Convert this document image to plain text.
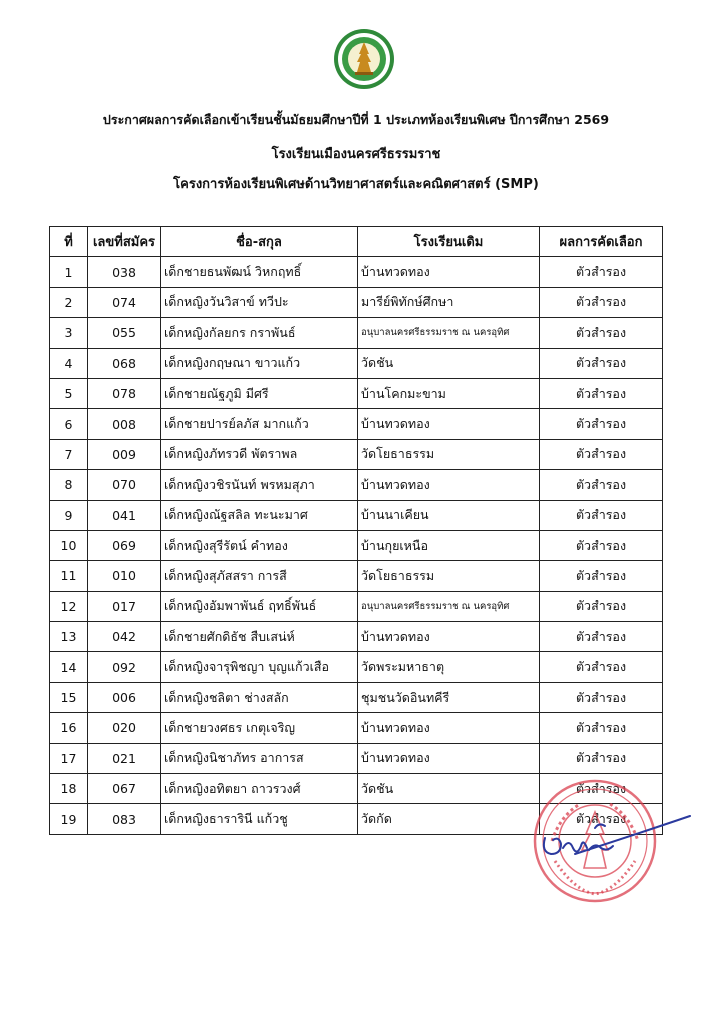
ประกาศผลการคัดเลือกเข้าเรียนชั้นมัธยมศึกษาปีที่ 1 ประเภทห้องเรียนพิเศษ ปีการศึกษา 2569
โรงเรียนเมืองนครศรีธรรมราช
โครงการห้องเรียนพิเศษด้านวิทยาศาสตร์และคณิตศาสตร์ (SMP)
ที่	เลขที่สมัคร	ชื่อ-สกุล	โรงเรียนเดิม	ผลการคัดเลือก
1	038	เด็กชายธนพัฒน์ วิหกฤทธิ์	บ้านทวดทอง	ตัวสำรอง
2	074	เด็กหญิงวันวิสาข์ ทวีปะ	มารีย์พิทักษ์ศึกษา	ตัวสำรอง
3	055	เด็กหญิงกัลยกร กราพันธ์	อนุบาลนครศรีธรรมราช ณ นครอุทิศ	ตัวสำรอง
4	068	เด็กหญิงกฤษณา ขาวแก้ว	วัดชัน	ตัวสำรอง
5	078	เด็กชายณัฐภูมิ มีศรี	บ้านโคกมะขาม	ตัวสำรอง
6	008	เด็กชายปารย์ลภัส มากแก้ว	บ้านทวดทอง	ตัวสำรอง
7	009	เด็กหญิงภัทรวดี พัตราพล	วัดโยธาธรรม	ตัวสำรอง
8	070	เด็กหญิงวชิรนันท์ พรหมสุภา	บ้านทวดทอง	ตัวสำรอง
9	041	เด็กหญิงณัฐสลิล ทะนะมาศ	บ้านนาเคียน	ตัวสำรอง
10	069	เด็กหญิงสุรีรัตน์ คำทอง	บ้านกุยเหนือ	ตัวสำรอง
11	010	เด็กหญิงสุภัสสรา การสี	วัดโยธาธรรม	ตัวสำรอง
12	017	เด็กหญิงอัมพาพันธ์ ฤทธิ์พันธ์	อนุบาลนครศรีธรรมราช ณ นครอุทิศ	ตัวสำรอง
13	042	เด็กชายศักดิธัช สืบเสน่ห์	บ้านทวดทอง	ตัวสำรอง
14	092	เด็กหญิงจารุพิชญา บุญแก้วเสือ	วัดพระมหาธาตุ	ตัวสำรอง
15	006	เด็กหญิงชลิตา ช่างสลัก	ชุมชนวัดอินทคีรี	ตัวสำรอง
16	020	เด็กชายวงศธร เกตุเจริญ	บ้านทวดทอง	ตัวสำรอง
17	021	เด็กหญิงนิชาภัทร อาการส	บ้านทวดทอง	ตัวสำรอง
18	067	เด็กหญิงอทิตยา ถาวรวงศ์	วัดชัน	ตัวสำรอง
19	083	เด็กหญิงธารารินี แก้วชู	วัดกัด	ตัวสำรอง
